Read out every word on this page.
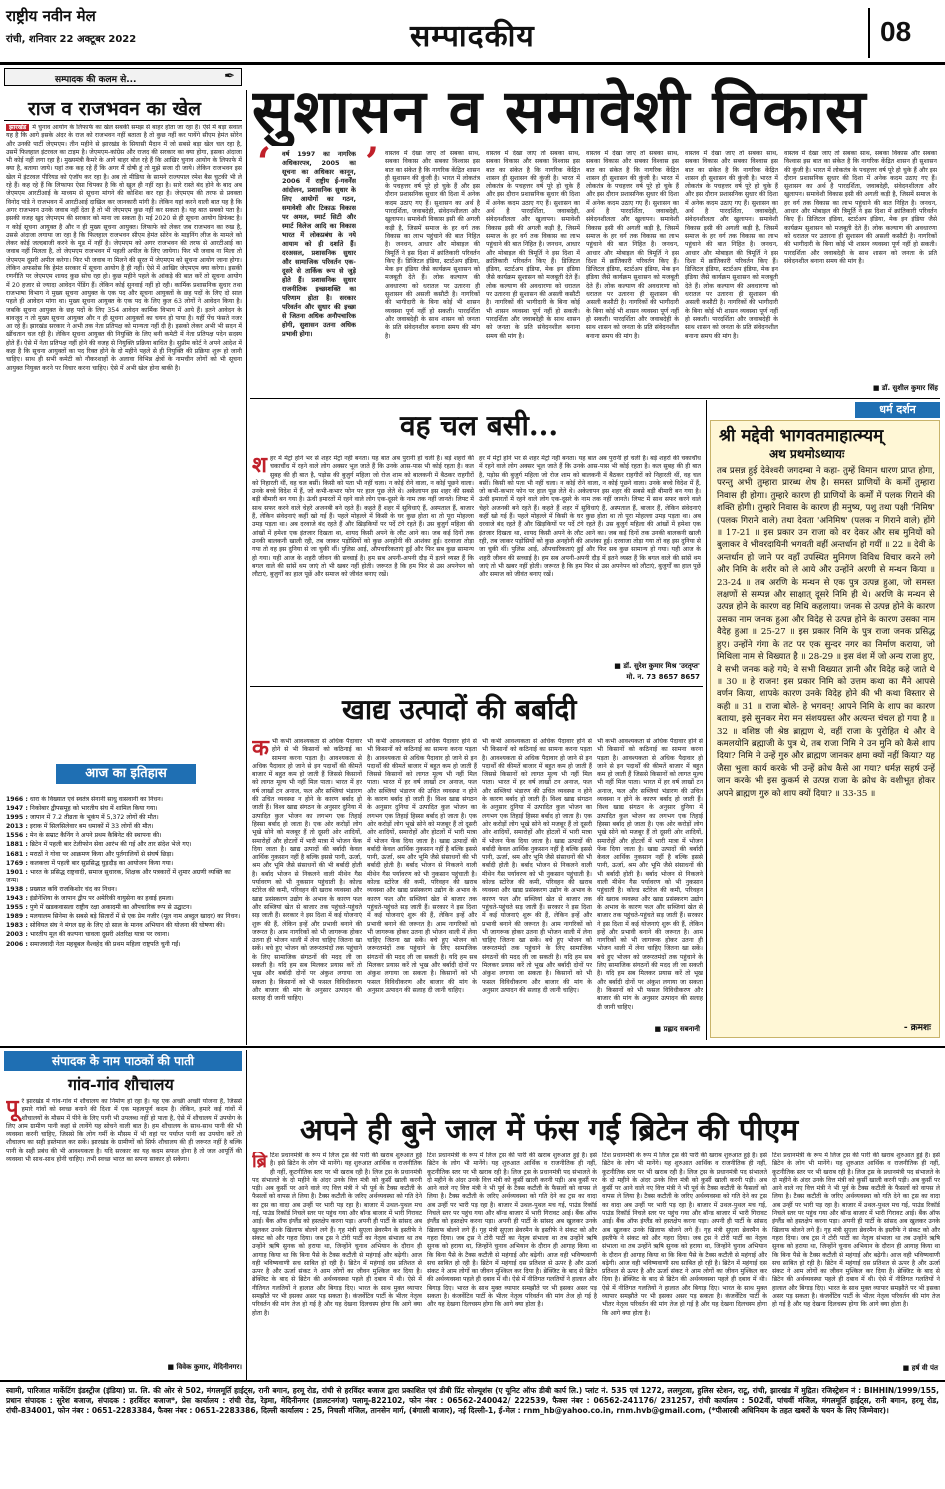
राष्ट्रीय नवीन मेल
रांची, शनिवार 22 अक्टूबर 2022	सम्पादकीय	08
सम्पादक की कलम से...	✒
सुशासन व समावेशी विकास
राज व राजभवन का खेल
झारखंड में चुनाव आयोग के लिफाफे का खेल सबकी समझ से बाहर होता जा रहा है। ऐसे में बड़ा सवाल यह है कि आगे इसके अंदर के राज को राजभवन नहीं बताता है तो कुछ नहीं कर पायेंगे सीएम हेमंत सोरेन और उनकी पार्टी जेएमएम। तीन महीने से झारखंड के सियासी मैदान में जो सबसे बड़ा खेल चल रहा है, उसमें फिलहाल इंटरवल का टाइम है। जेएमएम-कांग्रेस और राजद की सरकार का क्या होगा, इसका अंदाजा भी कोई नहीं लगा रहा है। मुख्यमंत्री कैमरे के आगे बाहर बोल रहे हैं कि आखिर चुनाव आयोग के लिफाफे में क्या है, बताया जाये। यहां तक कह रहे हैं कि अगर मैं दोषी हूं तो मुझे सजा दी जाये। लेकिन राजभवन इस खेल में इंटरवल पीरियड को एंजॉय कर रहा है। अब तो मीडिया के सामने राज्यपाल रमेश बैस चुटकी भी ले रहे हैं। कह रहे हैं कि लिफाफा ऐसा चिपका है कि वो खुल ही नहीं रहा है। सारे रास्ते बंद होने के बाद अब जेएमएम आरटीआई के माध्यम से सूचना मांगने की कोशिश कर रहा है। जेएमएम की तरफ से प्रवक्ता विनोद पांडे ने राजभवन में आरटीआई दाखिल कर जानकारी मांगी है। लेकिन यहां करने वाली बात यह है कि अगर राजभवन उनके जवाब नहीं देता है तो भी जेएमएम कुछ नहीं कर सकता है। यह बात सबको पता है। इसकी वजह खुद जेएमएम की सरकार को माना जा सकता है। मई 2020 से ही सूचना आयोग डिफंक्ट है। न कोई सूचना आयुक्त है और न ही मुख्य सूचना आयुक्त। लिफाफे को लेकर जब राजभवन का रुख है, उससे अंदाजा लगाया जा रहा है कि फिलहाल राजभवन सीएम हेमंत सोरेन के माइनिंग लीज के मामले को लेकर कोई जल्दबाजी करने के मूड में नहीं है। जेएमएम को अगर राजभवन की तरफ से आरटीआई का जवाब नहीं मिलता है, तो जेएमएम राजभवन में पहली अपील के लिए जायेगा। फिर भी जवाब ना मिला तो जेएमएम दूसरी अपील करेगा। फिर भी जवाब ना मिलने की सूरत में जेएमएम को सूचना आयोग जाना होगा। लेकिन अफसोस कि हेमंत सरकार में सूचना आयोग है ही नहीं। ऐसे में आखिर जेएमएम क्या करेगा। इसकी रणनीति पर जेएमएम शायद कुछ सोच रहा हो। कुछ महीने पहले के आंकड़े की बात करें तो सूचना आयोग में 20 हजार से ज्यादा आवेदन पेंडिंग हैं। लेकिन कोई सुनवाई नहीं हो रही। कार्मिक प्रशासनिक सुधार तथा राजभाषा विभाग ने मुख्य सूचना आयुक्त के एक पद और सूचना आयुक्तों के छह पदों के लिए दो साल पहले ही आवेदन मांगा था। मुख्य सूचना आयुक्त के एक पद के लिए कुल 63 लोगों ने आवेदन किया है। जबकि सूचना आयुक्त के छह पदों के लिए 354 आवेदन कार्मिक विभाग में आये हैं। इतने आवेदन के बावजूद न तो मुख्य सूचना आयुक्त और न ही सूचना आयुक्तों का चयन हो पाया है। यहीं पेंच फंसते नजर आ रहे हैं। झारखंड सरकार ने अभी तक नेता प्रतिपक्ष को मान्यता नहीं दी है। इसको लेकर अभी भी सदन में खींचतान चल रही है। लेकिन सूचना आयुक्त की नियुक्ति के लिए बनी कमेटी में नेता प्रतिपक्ष पदेन सदस्य होते हैं। ऐसे में नेता प्रतिपक्ष नहीं होने की वजह से नियुक्ति प्रक्रिया बाधित है। सुप्रीम कोर्ट ने अपने आदेश में कहा है कि सूचना आयुक्तों का पद रिक्त होने के दो महीने पहले से ही नियुक्ति की प्रक्रिया शुरू हो जानी चाहिए। साथ ही सभी कमेटी को नौकरशाहों के अलावा विभिन्न क्षेत्रों के नामचीन लोगों को भी सूचना आयुक्त नियुक्त करने पर विचार करना चाहिए। ऐसे में अभी खेल होना बाकी है।
आज का इतिहास
1966 : धारा के विख्यात एवं स्वतंत्र सेनानी साधु वासवानी का निधन।
1947 : निकोबार द्वीपसमूह को भारतीय संघ में शामिल किया गया।
1995 : जापान में 7.2 तीव्रता के भूकंप में 5,372 लोगों की मौत।
2013 : इराक में सिलसिलेवार बम धमाकों में 33 लोगों की मौत।
1556 : मेन के सम्राट कैनिंग ने अपने प्रथम कैबिनेट की स्थापना की।
1881 : ब्रिटेन में पहली बार टेलीफोन सेवा आरंभ की गई और तार संदेश भेजे गए।
1681 : मराठों ने गोवा पर आक्रमण किया और पुर्तगालियों से संघर्ष छिड़ा।
1769 : कलकत्ता में पहली बार सुप्रसिद्ध घुड़दौड़ का आयोजन किया गया।
1901 : भारत के प्रसिद्ध राष्ट्रवादी, समाज सुधारक, शिक्षक और पत्रकारों में शुमार अग्रणी व्यक्ति का जन्म।
1938 : प्रख्यात कवि राजकिशोर चंद का निधन।
1943 : इंडोनेशिया के जापान द्वीप पर अमेरिकी वायुसेना का हवाई हमला।
1955 : पुणे में खडकवासला राष्ट्रीय रक्षा अकादमी का औपचारिक रूप से उद्घाटन।
1989 : मलयालम सिनेमा के सबसे बड़े सितारों में से एक प्रेम नजीर (मूल नाम अब्दुल खादर) का निधन।
1983 : सोवियत संघ ने मंगल ग्रह के लिए दो साल के मानव अभियान की योजना की घोषणा की।
2003 : भारतीय मूल की कल्पना चावला दूसरी अंतरिक्ष यात्रा पर रवाना।
2006 : समाजवादी नेता महबूबल वैश्वहेद की प्रथम महिला राष्ट्रपति चुनी गईं।
‘ वर्ष 1997 का नागरिक अधिकारपत्र, 2005 का सूचना का अधिकार कानून, 2006 में राष्ट्रीय ई-गवर्नेंस आंदोलन, प्रशासनिक सुधार के लिए आयोगों का गठन, समावेशी और टिकाऊ विकास पर अमल, स्मार्ट सिटी और स्मार्ट विलेज आदि का विकास भारत में लोकप्रबंध के नये आयाम को ही दर्शाते हैं। दरअसल, प्रशासनिक सुधार और सामाजिक परिवर्तन एक-दूसरे से तार्किक रूप से जुड़े होते हैं। प्रशासनिक सुधार राजनीतिक इच्छाशक्ति का परिणाम होता है। सरकार परिवर्तन और सुधार की इच्छा से जितना अधिक अनौपचारिक होगी, सुशासन उतना अधिक प्रभावी होगा।
’ वास्तव में देखा जाए तो सबका साथ, सबका विकास और सबका विश्वास इस बात का संकेत है कि नागरिक केंद्रित शासन ही सुशासन की कुंजी है। भारत में लोकतंत्र के पचहत्तर वर्ष पूरे हो चुके हैं और इस दौरान प्रशासनिक सुधार की दिशा में अनेक कदम उठाए गए हैं। सुशासन का अर्थ है पारदर्शिता, जवाबदेही, संवेदनशीलता और खुलापन। समावेशी विकास इसी की अगली कड़ी है, जिसमें समाज के हर वर्ग तक विकास का लाभ पहुंचाने की बात निहित है। जनधन, आधार और मोबाइल की त्रिमूर्ति ने इस दिशा में क्रांतिकारी परिवर्तन किए हैं। डिजिटल इंडिया, स्टार्टअप इंडिया, मेक इन इंडिया जैसे कार्यक्रम सुशासन को मजबूती देते हैं। लोक कल्याण की अवधारणा को धरातल पर उतारना ही सुशासन की असली कसौटी है। नागरिकों की भागीदारी के बिना कोई भी शासन व्यवस्था पूर्ण नहीं हो सकती। पारदर्शिता और जवाबदेही के साथ शासन को जनता के प्रति संवेदनशील बनाना समय की मांग है।
वास्तव में देखा जाए तो सबका साथ, सबका विकास और सबका विश्वास इस बात का संकेत है कि नागरिक केंद्रित शासन ही सुशासन की कुंजी है। भारत में लोकतंत्र के पचहत्तर वर्ष पूरे हो चुके हैं और इस दौरान प्रशासनिक सुधार की दिशा में अनेक कदम उठाए गए हैं। सुशासन का अर्थ है पारदर्शिता, जवाबदेही, संवेदनशीलता और खुलापन। समावेशी विकास इसी की अगली कड़ी है, जिसमें समाज के हर वर्ग तक विकास का लाभ पहुंचाने की बात निहित है। जनधन, आधार और मोबाइल की त्रिमूर्ति ने इस दिशा में क्रांतिकारी परिवर्तन किए हैं। डिजिटल इंडिया, स्टार्टअप इंडिया, मेक इन इंडिया जैसे कार्यक्रम सुशासन को मजबूती देते हैं। लोक कल्याण की अवधारणा को धरातल पर उतारना ही सुशासन की असली कसौटी है। नागरिकों की भागीदारी के बिना कोई भी शासन व्यवस्था पूर्ण नहीं हो सकती। पारदर्शिता और जवाबदेही के साथ शासन को जनता के प्रति संवेदनशील बनाना समय की मांग है।
वास्तव में देखा जाए तो सबका साथ, सबका विकास और सबका विश्वास इस बात का संकेत है कि नागरिक केंद्रित शासन ही सुशासन की कुंजी है। भारत में लोकतंत्र के पचहत्तर वर्ष पूरे हो चुके हैं और इस दौरान प्रशासनिक सुधार की दिशा में अनेक कदम उठाए गए हैं। सुशासन का अर्थ है पारदर्शिता, जवाबदेही, संवेदनशीलता और खुलापन। समावेशी विकास इसी की अगली कड़ी है, जिसमें समाज के हर वर्ग तक विकास का लाभ पहुंचाने की बात निहित है। जनधन, आधार और मोबाइल की त्रिमूर्ति ने इस दिशा में क्रांतिकारी परिवर्तन किए हैं। डिजिटल इंडिया, स्टार्टअप इंडिया, मेक इन इंडिया जैसे कार्यक्रम सुशासन को मजबूती देते हैं। लोक कल्याण की अवधारणा को धरातल पर उतारना ही सुशासन की असली कसौटी है। नागरिकों की भागीदारी के बिना कोई भी शासन व्यवस्था पूर्ण नहीं हो सकती। पारदर्शिता और जवाबदेही के साथ शासन को जनता के प्रति संवेदनशील बनाना समय की मांग है।
वास्तव में देखा जाए तो सबका साथ, सबका विकास और सबका विश्वास इस बात का संकेत है कि नागरिक केंद्रित शासन ही सुशासन की कुंजी है। भारत में लोकतंत्र के पचहत्तर वर्ष पूरे हो चुके हैं और इस दौरान प्रशासनिक सुधार की दिशा में अनेक कदम उठाए गए हैं। सुशासन का अर्थ है पारदर्शिता, जवाबदेही, संवेदनशीलता और खुलापन। समावेशी विकास इसी की अगली कड़ी है, जिसमें समाज के हर वर्ग तक विकास का लाभ पहुंचाने की बात निहित है। जनधन, आधार और मोबाइल की त्रिमूर्ति ने इस दिशा में क्रांतिकारी परिवर्तन किए हैं। डिजिटल इंडिया, स्टार्टअप इंडिया, मेक इन इंडिया जैसे कार्यक्रम सुशासन को मजबूती देते हैं। लोक कल्याण की अवधारणा को धरातल पर उतारना ही सुशासन की असली कसौटी है। नागरिकों की भागीदारी के बिना कोई भी शासन व्यवस्था पूर्ण नहीं हो सकती। पारदर्शिता और जवाबदेही के साथ शासन को जनता के प्रति संवेदनशील बनाना समय की मांग है।
वास्तव में देखा जाए तो सबका साथ, सबका विकास और सबका विश्वास इस बात का संकेत है कि नागरिक केंद्रित शासन ही सुशासन की कुंजी है। भारत में लोकतंत्र के पचहत्तर वर्ष पूरे हो चुके हैं और इस दौरान प्रशासनिक सुधार की दिशा में अनेक कदम उठाए गए हैं। सुशासन का अर्थ है पारदर्शिता, जवाबदेही, संवेदनशीलता और खुलापन। समावेशी विकास इसी की अगली कड़ी है, जिसमें समाज के हर वर्ग तक विकास का लाभ पहुंचाने की बात निहित है। जनधन, आधार और मोबाइल की त्रिमूर्ति ने इस दिशा में क्रांतिकारी परिवर्तन किए हैं। डिजिटल इंडिया, स्टार्टअप इंडिया, मेक इन इंडिया जैसे कार्यक्रम सुशासन को मजबूती देते हैं। लोक कल्याण की अवधारणा को धरातल पर उतारना ही सुशासन की असली कसौटी है। नागरिकों की भागीदारी के बिना कोई भी शासन व्यवस्था पूर्ण नहीं हो सकती। पारदर्शिता और जवाबदेही के साथ शासन को जनता के प्रति संवेदनशील बनाना समय की मांग है।
■ डॉ. सुशील कुमार सिंह
वह चल बसी...
शहर में मेट्रो होने भर से शहर मेट्रो नहीं बनता। यह बात अब पुरानी हो चली है। बड़े शहरों की चकाचौंध में रहने वाले लोग अक्सर भूल जाते हैं कि उनके आस-पास भी कोई रहता है। कल सुबह की ही बात है, पड़ोस की बुजुर्ग महिला जो रोज शाम को बालकनी में बैठकर राहगीरों को निहारती थीं, वह चल बसीं। किसी को पता भी नहीं चला। न कोई रोने वाला, न कोई पूछने वाला। उनके बच्चे विदेश में हैं, जो कभी-कभार फोन पर हाल पूछ लेते थे। अकेलापन इस शहर की सबसे बड़ी बीमारी बन गया है। ऊंची इमारतों में रहने वाले लोग एक-दूसरे के नाम तक नहीं जानते। लिफ्ट में साथ सफर करने वाले चेहरे अजनबी बने रहते हैं। कहते हैं शहर में सुविधाएं हैं, अस्पताल हैं, बाजार हैं, लेकिन संवेदनाएं कहीं खो गई हैं। पहले मोहल्ले में किसी के घर कुछ होता था तो पूरा मोहल्ला उमड़ पड़ता था। अब दरवाजे बंद रहते हैं और खिड़कियों पर पर्दे टंगे रहते हैं। उस बुजुर्ग महिला की आंखों में हमेशा एक इंतजार दिखता था, शायद किसी अपने के लौट आने का। जब कई दिनों तक उनकी बालकनी खाली रही, तब जाकर पड़ोसियों को कुछ अनहोनी की आशंका हुई। दरवाजा तोड़ा गया तो वह इस दुनिया से जा चुकी थीं। पुलिस आई, औपचारिकताएं हुईं और फिर सब कुछ सामान्य हो गया। यही आज के शहरी जीवन की सच्चाई है। हम सब अपनी-अपनी दौड़ में इतने व्यस्त हैं कि बगल वाले की सांसें थम जाएं तो भी खबर नहीं होती। जरूरत है कि हम फिर से उस अपनेपन को लौटाएं, बुजुर्गों का हाल पूछें और समाज को जीवंत बनाए रखें।
हर में मेट्रो होने भर से शहर मेट्रो नहीं बनता। यह बात अब पुरानी हो चली है। बड़े शहरों की चकाचौंध में रहने वाले लोग अक्सर भूल जाते हैं कि उनके आस-पास भी कोई रहता है। कल सुबह की ही बात है, पड़ोस की बुजुर्ग महिला जो रोज शाम को बालकनी में बैठकर राहगीरों को निहारती थीं, वह चल बसीं। किसी को पता भी नहीं चला। न कोई रोने वाला, न कोई पूछने वाला। उनके बच्चे विदेश में हैं, जो कभी-कभार फोन पर हाल पूछ लेते थे। अकेलापन इस शहर की सबसे बड़ी बीमारी बन गया है। ऊंची इमारतों में रहने वाले लोग एक-दूसरे के नाम तक नहीं जानते। लिफ्ट में साथ सफर करने वाले चेहरे अजनबी बने रहते हैं। कहते हैं शहर में सुविधाएं हैं, अस्पताल हैं, बाजार हैं, लेकिन संवेदनाएं कहीं खो गई हैं। पहले मोहल्ले में किसी के घर कुछ होता था तो पूरा मोहल्ला उमड़ पड़ता था। अब दरवाजे बंद रहते हैं और खिड़कियों पर पर्दे टंगे रहते हैं। उस बुजुर्ग महिला की आंखों में हमेशा एक इंतजार दिखता था, शायद किसी अपने के लौट आने का। जब कई दिनों तक उनकी बालकनी खाली रही, तब जाकर पड़ोसियों को कुछ अनहोनी की आशंका हुई। दरवाजा तोड़ा गया तो वह इस दुनिया से जा चुकी थीं। पुलिस आई, औपचारिकताएं हुईं और फिर सब कुछ सामान्य हो गया। यही आज के शहरी जीवन की सच्चाई है। हम सब अपनी-अपनी दौड़ में इतने व्यस्त हैं कि बगल वाले की सांसें थम जाएं तो भी खबर नहीं होती। जरूरत है कि हम फिर से उस अपनेपन को लौटाएं, बुजुर्गों का हाल पूछें और समाज को जीवंत बनाए रखें।
■ डॉ. सुरेश कुमार मिश्र 'उरतृप्त'
मो. न. 73 8657 8657
खाद्य उत्पादों की बर्बादी
कभी कभी आवश्यकता से अधिक पैदावार होने से भी किसानों को कठिनाई का सामना करना पड़ता है। आवश्यकता से अधिक पैदावार हो जाने से इन पदार्थों की कीमतें बाजार में बहुत कम हो जाती हैं जिससे किसानों को लागत मूल्य भी नहीं मिल पाता। भारत में हर वर्ष लाखों टन अनाज, फल और सब्जियां भंडारण की उचित व्यवस्था न होने के कारण बर्बाद हो जाती हैं। विश्व खाद्य संगठन के अनुसार दुनिया में उत्पादित कुल भोजन का लगभग एक तिहाई हिस्सा बर्बाद हो जाता है। एक ओर करोड़ों लोग भूखे सोने को मजबूर हैं तो दूसरी ओर शादियों, समारोहों और होटलों में भारी मात्रा में भोजन फेंक दिया जाता है। खाद्य उत्पादों की बर्बादी केवल आर्थिक नुकसान नहीं है बल्कि इससे पानी, ऊर्जा, श्रम और भूमि जैसे संसाधनों की भी बर्बादी होती है। बर्बाद भोजन से निकलने वाली मीथेन गैस पर्यावरण को भी नुकसान पहुंचाती है। कोल्ड स्टोरेज की कमी, परिवहन की खराब व्यवस्था और खाद्य प्रसंस्करण उद्योग के अभाव के कारण फल और सब्जियां खेत से बाजार तक पहुंचते-पहुंचते सड़ जाती हैं। सरकार ने इस दिशा में कई योजनाएं शुरू की हैं, लेकिन इन्हें और प्रभावी बनाने की जरूरत है। आम नागरिकों को भी जागरूक होकर उतना ही भोजन थाली में लेना चाहिए जितना खा सकें। बचे हुए भोजन को जरूरतमंदों तक पहुंचाने के लिए सामाजिक संगठनों की मदद ली जा सकती है। यदि हम सब मिलकर प्रयास करें तो भूख और बर्बादी दोनों पर अंकुश लगाया जा सकता है। किसानों को भी फसल विविधीकरण और बाजार की मांग के अनुसार उत्पादन की सलाह दी जानी चाहिए।
भी कभी आवश्यकता से अधिक पैदावार होने से भी किसानों को कठिनाई का सामना करना पड़ता है। आवश्यकता से अधिक पैदावार हो जाने से इन पदार्थों की कीमतें बाजार में बहुत कम हो जाती हैं जिससे किसानों को लागत मूल्य भी नहीं मिल पाता। भारत में हर वर्ष लाखों टन अनाज, फल और सब्जियां भंडारण की उचित व्यवस्था न होने के कारण बर्बाद हो जाती हैं। विश्व खाद्य संगठन के अनुसार दुनिया में उत्पादित कुल भोजन का लगभग एक तिहाई हिस्सा बर्बाद हो जाता है। एक ओर करोड़ों लोग भूखे सोने को मजबूर हैं तो दूसरी ओर शादियों, समारोहों और होटलों में भारी मात्रा में भोजन फेंक दिया जाता है। खाद्य उत्पादों की बर्बादी केवल आर्थिक नुकसान नहीं है बल्कि इससे पानी, ऊर्जा, श्रम और भूमि जैसे संसाधनों की भी बर्बादी होती है। बर्बाद भोजन से निकलने वाली मीथेन गैस पर्यावरण को भी नुकसान पहुंचाती है। कोल्ड स्टोरेज की कमी, परिवहन की खराब व्यवस्था और खाद्य प्रसंस्करण उद्योग के अभाव के कारण फल और सब्जियां खेत से बाजार तक पहुंचते-पहुंचते सड़ जाती हैं। सरकार ने इस दिशा में कई योजनाएं शुरू की हैं, लेकिन इन्हें और प्रभावी बनाने की जरूरत है। आम नागरिकों को भी जागरूक होकर उतना ही भोजन थाली में लेना चाहिए जितना खा सकें। बचे हुए भोजन को जरूरतमंदों तक पहुंचाने के लिए सामाजिक संगठनों की मदद ली जा सकती है। यदि हम सब मिलकर प्रयास करें तो भूख और बर्बादी दोनों पर अंकुश लगाया जा सकता है। किसानों को भी फसल विविधीकरण और बाजार की मांग के अनुसार उत्पादन की सलाह दी जानी चाहिए।
भी कभी आवश्यकता से अधिक पैदावार होने से भी किसानों को कठिनाई का सामना करना पड़ता है। आवश्यकता से अधिक पैदावार हो जाने से इन पदार्थों की कीमतें बाजार में बहुत कम हो जाती हैं जिससे किसानों को लागत मूल्य भी नहीं मिल पाता। भारत में हर वर्ष लाखों टन अनाज, फल और सब्जियां भंडारण की उचित व्यवस्था न होने के कारण बर्बाद हो जाती हैं। विश्व खाद्य संगठन के अनुसार दुनिया में उत्पादित कुल भोजन का लगभग एक तिहाई हिस्सा बर्बाद हो जाता है। एक ओर करोड़ों लोग भूखे सोने को मजबूर हैं तो दूसरी ओर शादियों, समारोहों और होटलों में भारी मात्रा में भोजन फेंक दिया जाता है। खाद्य उत्पादों की बर्बादी केवल आर्थिक नुकसान नहीं है बल्कि इससे पानी, ऊर्जा, श्रम और भूमि जैसे संसाधनों की भी बर्बादी होती है। बर्बाद भोजन से निकलने वाली मीथेन गैस पर्यावरण को भी नुकसान पहुंचाती है। कोल्ड स्टोरेज की कमी, परिवहन की खराब व्यवस्था और खाद्य प्रसंस्करण उद्योग के अभाव के कारण फल और सब्जियां खेत से बाजार तक पहुंचते-पहुंचते सड़ जाती हैं। सरकार ने इस दिशा में कई योजनाएं शुरू की हैं, लेकिन इन्हें और प्रभावी बनाने की जरूरत है। आम नागरिकों को भी जागरूक होकर उतना ही भोजन थाली में लेना चाहिए जितना खा सकें। बचे हुए भोजन को जरूरतमंदों तक पहुंचाने के लिए सामाजिक संगठनों की मदद ली जा सकती है। यदि हम सब मिलकर प्रयास करें तो भूख और बर्बादी दोनों पर अंकुश लगाया जा सकता है। किसानों को भी फसल विविधीकरण और बाजार की मांग के अनुसार उत्पादन की सलाह दी जानी चाहिए।
भी कभी आवश्यकता से अधिक पैदावार होने से भी किसानों को कठिनाई का सामना करना पड़ता है। आवश्यकता से अधिक पैदावार हो जाने से इन पदार्थों की कीमतें बाजार में बहुत कम हो जाती हैं जिससे किसानों को लागत मूल्य भी नहीं मिल पाता। भारत में हर वर्ष लाखों टन अनाज, फल और सब्जियां भंडारण की उचित व्यवस्था न होने के कारण बर्बाद हो जाती हैं। विश्व खाद्य संगठन के अनुसार दुनिया में उत्पादित कुल भोजन का लगभग एक तिहाई हिस्सा बर्बाद हो जाता है। एक ओर करोड़ों लोग भूखे सोने को मजबूर हैं तो दूसरी ओर शादियों, समारोहों और होटलों में भारी मात्रा में भोजन फेंक दिया जाता है। खाद्य उत्पादों की बर्बादी केवल आर्थिक नुकसान नहीं है बल्कि इससे पानी, ऊर्जा, श्रम और भूमि जैसे संसाधनों की भी बर्बादी होती है। बर्बाद भोजन से निकलने वाली मीथेन गैस पर्यावरण को भी नुकसान पहुंचाती है। कोल्ड स्टोरेज की कमी, परिवहन की खराब व्यवस्था और खाद्य प्रसंस्करण उद्योग के अभाव के कारण फल और सब्जियां खेत से बाजार तक पहुंचते-पहुंचते सड़ जाती हैं। सरकार ने इस दिशा में कई योजनाएं शुरू की हैं, लेकिन इन्हें और प्रभावी बनाने की जरूरत है। आम नागरिकों को भी जागरूक होकर उतना ही भोजन थाली में लेना चाहिए जितना खा सकें। बचे हुए भोजन को जरूरतमंदों तक पहुंचाने के लिए सामाजिक संगठनों की मदद ली जा सकती है। यदि हम सब मिलकर प्रयास करें तो भूख और बर्बादी दोनों पर अंकुश लगाया जा सकता है। किसानों को भी फसल विविधीकरण और बाजार की मांग के अनुसार उत्पादन की सलाह दी जानी चाहिए।
■ प्रह्लाद सबनानी
धर्म दर्शन
श्री मद्देवी भागवतमाहात्म्यम्
अथ प्रथमोऽध्यायः
तब प्रसन्न हुई देवेश्वरी जगदम्बा ने कहा- तुम्हें विमान धारण प्राप्त होगा, परन्तु अभी तुम्हारा प्रारब्ध शेष है। समस्त प्राणियों के कर्मों तुम्हारा निवास ही होगा। तुम्हारे कारण ही प्राणियों के कर्मों में पलक गिराने की शक्ति होगी। तुम्हारे निवास के कारण ही मनुष्य, पशु तथा पक्षी 'निमिष' (पलक गिराने वाले) तथा देवता 'अनिमिष' (पलक न गिराने वाले) होंगे ॥ 17-21 ॥ इस प्रकार उन राजा को वर देकर और सब मुनियों को बुलाकर वे भीवरदायिनी भगवती वहीं अन्तर्धान हो गयीं ॥ 22 ॥ देवी के अन्तर्धान हो जाने पर वहाँ उपस्थित मुनिगण विविध विचार करने लगे और निमि के शरीर को ले आये और उन्होंने अरणी से मन्थन किया ॥ 23-24 ॥ तब अरणि के मन्थन से एक पुत्र उत्पन्न हुआ, जो समस्त लक्षणों से सम्पन्न और साक्षात् दूसरे निमि ही थे। अरणि के मन्थन से उत्पन्न होने के कारण वह मिथि कहलाया। जनक से उत्पन्न होने के कारण उसका नाम जनक हुआ और विदेह से उत्पन्न होने के कारण उसका नाम वैदेह हुआ ॥ 25-27 ॥ इस प्रकार निमि के पुत्र राजा जनक प्रसिद्ध हुए। उन्होंने गंगा के तट पर एक सुन्दर नगर का निर्माण कराया, जो मिथिला नाम से विख्यात है ॥ 28-29 ॥ इस वंश में जो अन्य राजा हुए, वे सभी जनक कहे गये; वे सभी विख्यात ज्ञानी और विदेह कहे जाते थे ॥ 30 ॥ हे राजन! इस प्रकार निमि को उत्तम कथा का मैंने आपसे वर्णन किया, शापके कारण उनके विदेह होने की भी कथा विस्तार से कही ॥ 31 ॥ राजा बोले- हे भगवन्! आपने निमि के शाप का कारण बताया, इसे सुनकर मेरा मन संशयग्रस्त और अत्यन्त चंचल हो गया है ॥ 32 ॥ वशिष्ठ जी श्रेष्ठ ब्राह्मण थे, वहीं राजा के पुरोहित थे और वे कमलयोनि ब्रह्माजी के पुत्र थे, तब राजा निमि ने उन मुनि को कैसे शाप दिया? निमि ने उन्हें गुरु और ब्राह्मण जानकर क्षमा क्यों नहीं किया? यह जैसा भुला कार्य करके भी उन्हें क्रोध कैसे आ गया? धर्मज्ञ सहर्ष उन्हें जान करके भी इस कुकर्म से उत्पन्न राजा के क्रोध के वशीभूत होकर अपने ब्राह्मण गुरु को शाप क्यों दिया? ॥ 33-35 ॥
- क्रमशः
संपादक के नाम पाठकों की पाती
गांव-गांव शौचालय
पूरे झारखंड में गांव-गांव में शौचालय का निर्माण हो रहा है। यह एक अच्छी अच्छी योजना है, जिससे हमारे गांवों को स्वच्छ बनाने की दिशा में एक महत्वपूर्ण कदम है। लेकिन, हमारे कई गांवों में शौचालयों के मौसम में पीने के लिए पानी भी उपलब्ध नहीं हो पाता है, ऐसे में शौचालय में उपयोग के लिए आम ग्रामीण पानी कहां से लायेंगे यह सोचने वाली बात है। हम शौचालय के साथ-साथ पानी की भी व्यवस्था करनी चाहिए, जिससे कि लोग गर्मी के मौसम में भी वहां पर पर्याप्त पानी का उपयोग करें तो शौचालय का सही इस्तेमाल कर सकें। झारखंड के ग्रामीणों को सिर्फ शौचालय की ही जरूरत नहीं है बल्कि पानी के सही प्रबंध की भी आवश्यकता है। यदि सरकार का यह कदम सफल होना है तो जल आपूर्ति की व्यवस्था भी साथ-साथ होनी चाहिए। तभी स्वच्छ भारत का सपना साकार हो सकेगा।
■ विवेक कुमार, मेदिनीनगर।
अपने ही बुने जाल में फंस गई ब्रिटेन की पीएम
ब्रि टिश प्रधानमंत्री के रूप में लिज ट्रस की पारी की खराब शुरुआत हुई है। इसे ब्रिटेन के लोग भी मानेंगे। यह शुरुआत आर्थिक व राजनीतिक ही नहीं, कूटनीतिक स्तर पर भी खराब रही है। लिज ट्रस के प्रधानमंत्री पद संभालते के दो महीने के अंदर उनके वित्त मंत्री को कुर्सी खाली करनी पड़ी। अब कुर्सी पर आने वाले नए वित्त मंत्री ने भी पूर्व के टैक्स कटौती के फैसलों को वापस ले लिया है। टैक्स कटौती के जरिए अर्थव्यवस्था को गति देने का ट्रस का वादा अब उन्हीं पर भारी पड़ रहा है। बाजार में उथल-पुथल मच गई, पाउंड रिकॉर्ड निचले स्तर पर पहुंच गया और बॉन्ड बाजार में भारी गिरावट आई। बैंक ऑफ इंग्लैंड को हस्तक्षेप करना पड़ा। अपनी ही पार्टी के सांसद अब खुलकर उनके खिलाफ बोलने लगे हैं। गृह मंत्री सुएला ब्रेवरमैन के इस्तीफे ने संकट को और गहरा दिया। जब ट्रस ने टोरी पार्टी का नेतृत्व संभाला था तब उन्होंने ऋषि सुनक को हराया था, जिन्होंने चुनाव अभियान के दौरान ही आगाह किया था कि बिना पैसे के टैक्स कटौती से महंगाई और बढ़ेगी। आज वही भविष्यवाणी सच साबित हो रही है। ब्रिटेन में महंगाई दस प्रतिशत से ऊपर है और ऊर्जा संकट ने आम लोगों का जीवन मुश्किल कर दिया है। ब्रेक्जिट के बाद से ब्रिटेन की अर्थव्यवस्था पहले ही दबाव में थी। ऐसे में नीतिगत गलतियों ने हालात और बिगाड़ दिए। भारत के साथ मुक्त व्यापार समझौते पर भी इसका असर पड़ सकता है। कंजर्वेटिव पार्टी के भीतर नेतृत्व परिवर्तन की मांग तेज हो गई है और यह देखना दिलचस्प होगा कि आगे क्या होता है।
टिश प्रधानमंत्री के रूप में लिज ट्रस की पारी की खराब शुरुआत हुई है। इसे ब्रिटेन के लोग भी मानेंगे। यह शुरुआत आर्थिक व राजनीतिक ही नहीं, कूटनीतिक स्तर पर भी खराब रही है। लिज ट्रस के प्रधानमंत्री पद संभालते के दो महीने के अंदर उनके वित्त मंत्री को कुर्सी खाली करनी पड़ी। अब कुर्सी पर आने वाले नए वित्त मंत्री ने भी पूर्व के टैक्स कटौती के फैसलों को वापस ले लिया है। टैक्स कटौती के जरिए अर्थव्यवस्था को गति देने का ट्रस का वादा अब उन्हीं पर भारी पड़ रहा है। बाजार में उथल-पुथल मच गई, पाउंड रिकॉर्ड निचले स्तर पर पहुंच गया और बॉन्ड बाजार में भारी गिरावट आई। बैंक ऑफ इंग्लैंड को हस्तक्षेप करना पड़ा। अपनी ही पार्टी के सांसद अब खुलकर उनके खिलाफ बोलने लगे हैं। गृह मंत्री सुएला ब्रेवरमैन के इस्तीफे ने संकट को और गहरा दिया। जब ट्रस ने टोरी पार्टी का नेतृत्व संभाला था तब उन्होंने ऋषि सुनक को हराया था, जिन्होंने चुनाव अभियान के दौरान ही आगाह किया था कि बिना पैसे के टैक्स कटौती से महंगाई और बढ़ेगी। आज वही भविष्यवाणी सच साबित हो रही है। ब्रिटेन में महंगाई दस प्रतिशत से ऊपर है और ऊर्जा संकट ने आम लोगों का जीवन मुश्किल कर दिया है। ब्रेक्जिट के बाद से ब्रिटेन की अर्थव्यवस्था पहले ही दबाव में थी। ऐसे में नीतिगत गलतियों ने हालात और बिगाड़ दिए। भारत के साथ मुक्त व्यापार समझौते पर भी इसका असर पड़ सकता है। कंजर्वेटिव पार्टी के भीतर नेतृत्व परिवर्तन की मांग तेज हो गई है और यह देखना दिलचस्प होगा कि आगे क्या होता है।
टिश प्रधानमंत्री के रूप में लिज ट्रस की पारी की खराब शुरुआत हुई है। इसे ब्रिटेन के लोग भी मानेंगे। यह शुरुआत आर्थिक व राजनीतिक ही नहीं, कूटनीतिक स्तर पर भी खराब रही है। लिज ट्रस के प्रधानमंत्री पद संभालते के दो महीने के अंदर उनके वित्त मंत्री को कुर्सी खाली करनी पड़ी। अब कुर्सी पर आने वाले नए वित्त मंत्री ने भी पूर्व के टैक्स कटौती के फैसलों को वापस ले लिया है। टैक्स कटौती के जरिए अर्थव्यवस्था को गति देने का ट्रस का वादा अब उन्हीं पर भारी पड़ रहा है। बाजार में उथल-पुथल मच गई, पाउंड रिकॉर्ड निचले स्तर पर पहुंच गया और बॉन्ड बाजार में भारी गिरावट आई। बैंक ऑफ इंग्लैंड को हस्तक्षेप करना पड़ा। अपनी ही पार्टी के सांसद अब खुलकर उनके खिलाफ बोलने लगे हैं। गृह मंत्री सुएला ब्रेवरमैन के इस्तीफे ने संकट को और गहरा दिया। जब ट्रस ने टोरी पार्टी का नेतृत्व संभाला था तब उन्होंने ऋषि सुनक को हराया था, जिन्होंने चुनाव अभियान के दौरान ही आगाह किया था कि बिना पैसे के टैक्स कटौती से महंगाई और बढ़ेगी। आज वही भविष्यवाणी सच साबित हो रही है। ब्रिटेन में महंगाई दस प्रतिशत से ऊपर है और ऊर्जा संकट ने आम लोगों का जीवन मुश्किल कर दिया है। ब्रेक्जिट के बाद से ब्रिटेन की अर्थव्यवस्था पहले ही दबाव में थी। ऐसे में नीतिगत गलतियों ने हालात और बिगाड़ दिए। भारत के साथ मुक्त व्यापार समझौते पर भी इसका असर पड़ सकता है। कंजर्वेटिव पार्टी के भीतर नेतृत्व परिवर्तन की मांग तेज हो गई है और यह देखना दिलचस्प होगा कि आगे क्या होता है।
टिश प्रधानमंत्री के रूप में लिज ट्रस की पारी की खराब शुरुआत हुई है। इसे ब्रिटेन के लोग भी मानेंगे। यह शुरुआत आर्थिक व राजनीतिक ही नहीं, कूटनीतिक स्तर पर भी खराब रही है। लिज ट्रस के प्रधानमंत्री पद संभालते के दो महीने के अंदर उनके वित्त मंत्री को कुर्सी खाली करनी पड़ी। अब कुर्सी पर आने वाले नए वित्त मंत्री ने भी पूर्व के टैक्स कटौती के फैसलों को वापस ले लिया है। टैक्स कटौती के जरिए अर्थव्यवस्था को गति देने का ट्रस का वादा अब उन्हीं पर भारी पड़ रहा है। बाजार में उथल-पुथल मच गई, पाउंड रिकॉर्ड निचले स्तर पर पहुंच गया और बॉन्ड बाजार में भारी गिरावट आई। बैंक ऑफ इंग्लैंड को हस्तक्षेप करना पड़ा। अपनी ही पार्टी के सांसद अब खुलकर उनके खिलाफ बोलने लगे हैं। गृह मंत्री सुएला ब्रेवरमैन के इस्तीफे ने संकट को और गहरा दिया। जब ट्रस ने टोरी पार्टी का नेतृत्व संभाला था तब उन्होंने ऋषि सुनक को हराया था, जिन्होंने चुनाव अभियान के दौरान ही आगाह किया था कि बिना पैसे के टैक्स कटौती से महंगाई और बढ़ेगी। आज वही भविष्यवाणी सच साबित हो रही है। ब्रिटेन में महंगाई दस प्रतिशत से ऊपर है और ऊर्जा संकट ने आम लोगों का जीवन मुश्किल कर दिया है। ब्रेक्जिट के बाद से ब्रिटेन की अर्थव्यवस्था पहले ही दबाव में थी। ऐसे में नीतिगत गलतियों ने हालात और बिगाड़ दिए। भारत के साथ मुक्त व्यापार समझौते पर भी इसका असर पड़ सकता है। कंजर्वेटिव पार्टी के भीतर नेतृत्व परिवर्तन की मांग तेज हो गई है और यह देखना दिलचस्प होगा कि आगे क्या होता है।
■ हर्ष वी पंत
स्वामी, पारिजात मार्केटिंग इंडस्ट्रीज (इंडिया) प्रा. लि. की ओर से 502, मंगलमूर्ति हाईट्स, रानी बगान, हरमू रोड, रांची से हरविंदर बजाज द्वारा प्रकाशित एवं डीबी प्रिंट सोल्यूशंस (ए यूनिट ऑफ डीबी कार्प लि.) प्लांट नं. 535 एवं 1272, ललगुटवा, हुलिस स्टेशन, राटू, रांची, झारखंड में मुद्रित। रजिस्ट्रेशन नं : BIHHIN/1999/155, प्रधान संपादक : सुरेश बजाज, संपादक : हरविंदर बजाज*, प्रेस कार्यालय : रांची रोड, रेड़मा, मेदिनीनगर (डालटनगंज) पलामू-822102, फोन नंबर : 06562-240042/ 222539, फैक्स नंबर : 06562-241176/ 231257, रांची कार्यालय : 502वीं, पांचवीं मंजिल, मंगलमूर्ति हाईट्स, रानी बगान, हरमू रोड, रांची-834001, फोन नंबर : 0651-2283384, फैक्स नंबर : 0651-2283386, दिल्ली कार्यालय : 25, निचली मंजिल, तानसेन मार्ग, (बंगाली बाजार), नई दिल्ली-1, ई-मेल : rnm_hb@yahoo.co.in, rnm.hvb@gmail.com, (*पीआरबी अधिनियम के तहत खबरों के चयन के लिए जिम्मेवार)।
